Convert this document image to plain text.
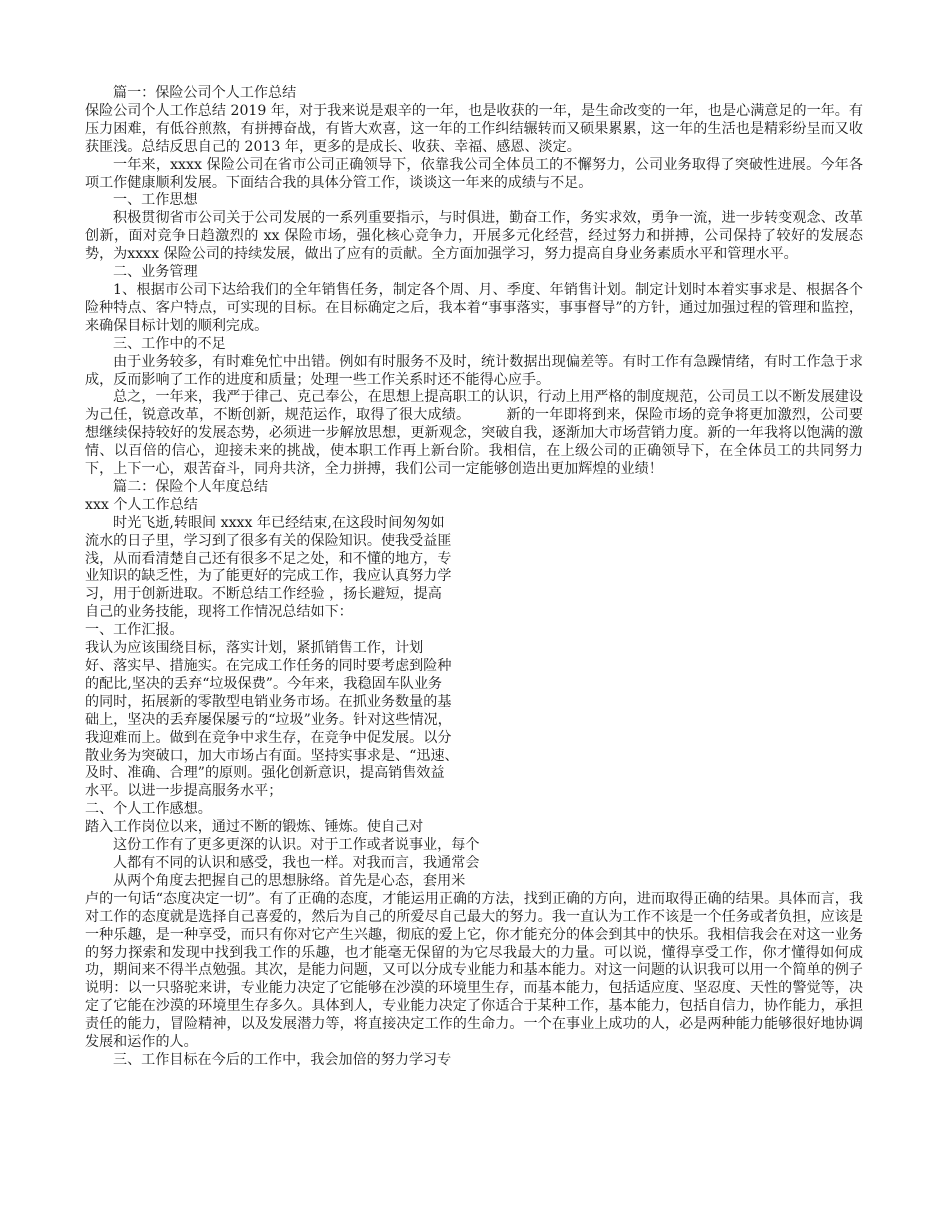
篇一：保险公司个人工作总结

保险公司个人工作总结 2019 年，对于我来说是艰辛的一年，也是收获的一年，是生命改变的一年，也是心满意足的一年。有压力困难，有低谷煎熬，有拼搏奋战，有皆大欢喜，这一年的工作纠结辗转而又硕果累累，这一年的生活也是精彩纷呈而又收获匪浅。总结反思自己的 2013 年，更多的是成长、收获、幸福、感恩、淡定。

一年来，xxxx 保险公司在省市公司正确领导下，依靠我公司全体员工的不懈努力，公司业务取得了突破性进展。今年各项工作健康顺利发展。下面结合我的具体分管工作，谈谈这一年来的成绩与不足。

一、工作思想

积极贯彻省市公司关于公司发展的一系列重要指示，与时俱进，勤奋工作，务实求效，勇争一流，进一步转变观念、改革创新，面对竞争日趋激烈的 xx 保险市场，强化核心竞争力，开展多元化经营，经过努力和拼搏，公司保持了较好的发展态势，为xxxx 保险公司的持续发展，做出了应有的贡献。全方面加强学习，努力提高自身业务素质水平和管理水平。

二、业务管理

1、根据市公司下达给我们的全年销售任务，制定各个周、月、季度、年销售计划。制定计划时本着实事求是、根据各个险种特点、客户特点，可实现的目标。在目标确定之后，我本着“事事落实，事事督导”的方针，通过加强过程的管理和监控，来确保目标计划的顺利完成。

三、工作中的不足

由于业务较多，有时难免忙中出错。例如有时服务不及时，统计数据出现偏差等。有时工作有急躁情绪，有时工作急于求成，反而影响了工作的进度和质量；处理一些工作关系时还不能得心应手。

总之，一年来，我严于律己、克己奉公，在思想上提高职工的认识，行动上用严格的制度规范，公司员工以不断发展建设为己任，锐意改革，不断创新，规范运作，取得了很大成绩。	新的一年即将到来，保险市场的竞争将更加激烈，公司要想继续保持较好的发展态势，必须进一步解放思想，更新观念，突破自我，逐渐加大市场营销力度。新的一年我将以饱满的激情、以百倍的信心，迎接未来的挑战，使本职工作再上新台阶。我相信，在上级公司的正确领导下，在全体员工的共同努力下，上下一心，艰苦奋斗，同舟共济，全力拼搏，我们公司一定能够创造出更加辉煌的业绩！

篇二：保险个人年度总结

xxx 个人工作总结

时光飞逝,转眼间 xxxx 年已经结束,在这段时间匆匆如

流水的日子里，学习到了很多有关的保险知识。使我受益匪

浅，从而看清楚自己还有很多不足之处，和不懂的地方，专

业知识的缺乏性，为了能更好的完成工作，我应认真努力学

习，用于创新进取。不断总结工作经验 ，扬长避短，提高

自己的业务技能，现将工作情况总结如下：

一、工作汇报。

我认为应该围绕目标，落实计划，紧抓销售工作，计划

好、落实早、措施实。在完成工作任务的同时要考虑到险种

的配比,坚决的丢弃“垃圾保费”。今年来，我稳固车队业务

的同时，拓展新的零散型电销业务市场。在抓业务数量的基

础上，坚决的丢弃屡保屡亏的“垃圾”业务。针对这些情况，

我迎难而上。做到在竞争中求生存，在竞争中促发展。以分

散业务为突破口，加大市场占有面。坚持实事求是、“迅速、

及时、准确、合理”的原则。强化创新意识，提高销售效益

水平。以进一步提高服务水平；

二、个人工作感想。

踏入工作岗位以来，通过不断的锻炼、锤炼。使自己对

这份工作有了更多更深的认识。对于工作或者说事业，每个

人都有不同的认识和感受，我也一样。对我而言，我通常会

从两个角度去把握自己的思想脉络。首先是心态，套用米

卢的一句话“态度决定一切”。有了正确的态度，才能运用正确的方法，找到正确的方向，进而取得正确的结果。具体而言，我对工作的态度就是选择自己喜爱的，然后为自己的所爱尽自己最大的努力。我一直认为工作不该是一个任务或者负担，应该是一种乐趣，是一种享受，而只有你对它产生兴趣，彻底的爱上它，你才能充分的体会到其中的快乐。我相信我会在对这一业务的努力探索和发现中找到我工作的乐趣，也才能毫无保留的为它尽我最大的力量。可以说，懂得享受工作，你才懂得如何成功，期间来不得半点勉强。其次，是能力问题，又可以分成专业能力和基本能力。对这一问题的认识我可以用一个简单的例子说明：以一只骆驼来讲，专业能力决定了它能够在沙漠的环境里生存，而基本能力，包括适应度、坚忍度、天性的警觉等，决定了它能在沙漠的环境里生存多久。具体到人，专业能力决定了你适合于某种工作，基本能力，包括自信力，协作能力，承担责任的能力，冒险精神，以及发展潜力等，将直接决定工作的生命力。一个在事业上成功的人，必是两种能力能够很好地协调发展和运作的人。

三、工作目标在今后的工作中，我会加倍的努力学习专
